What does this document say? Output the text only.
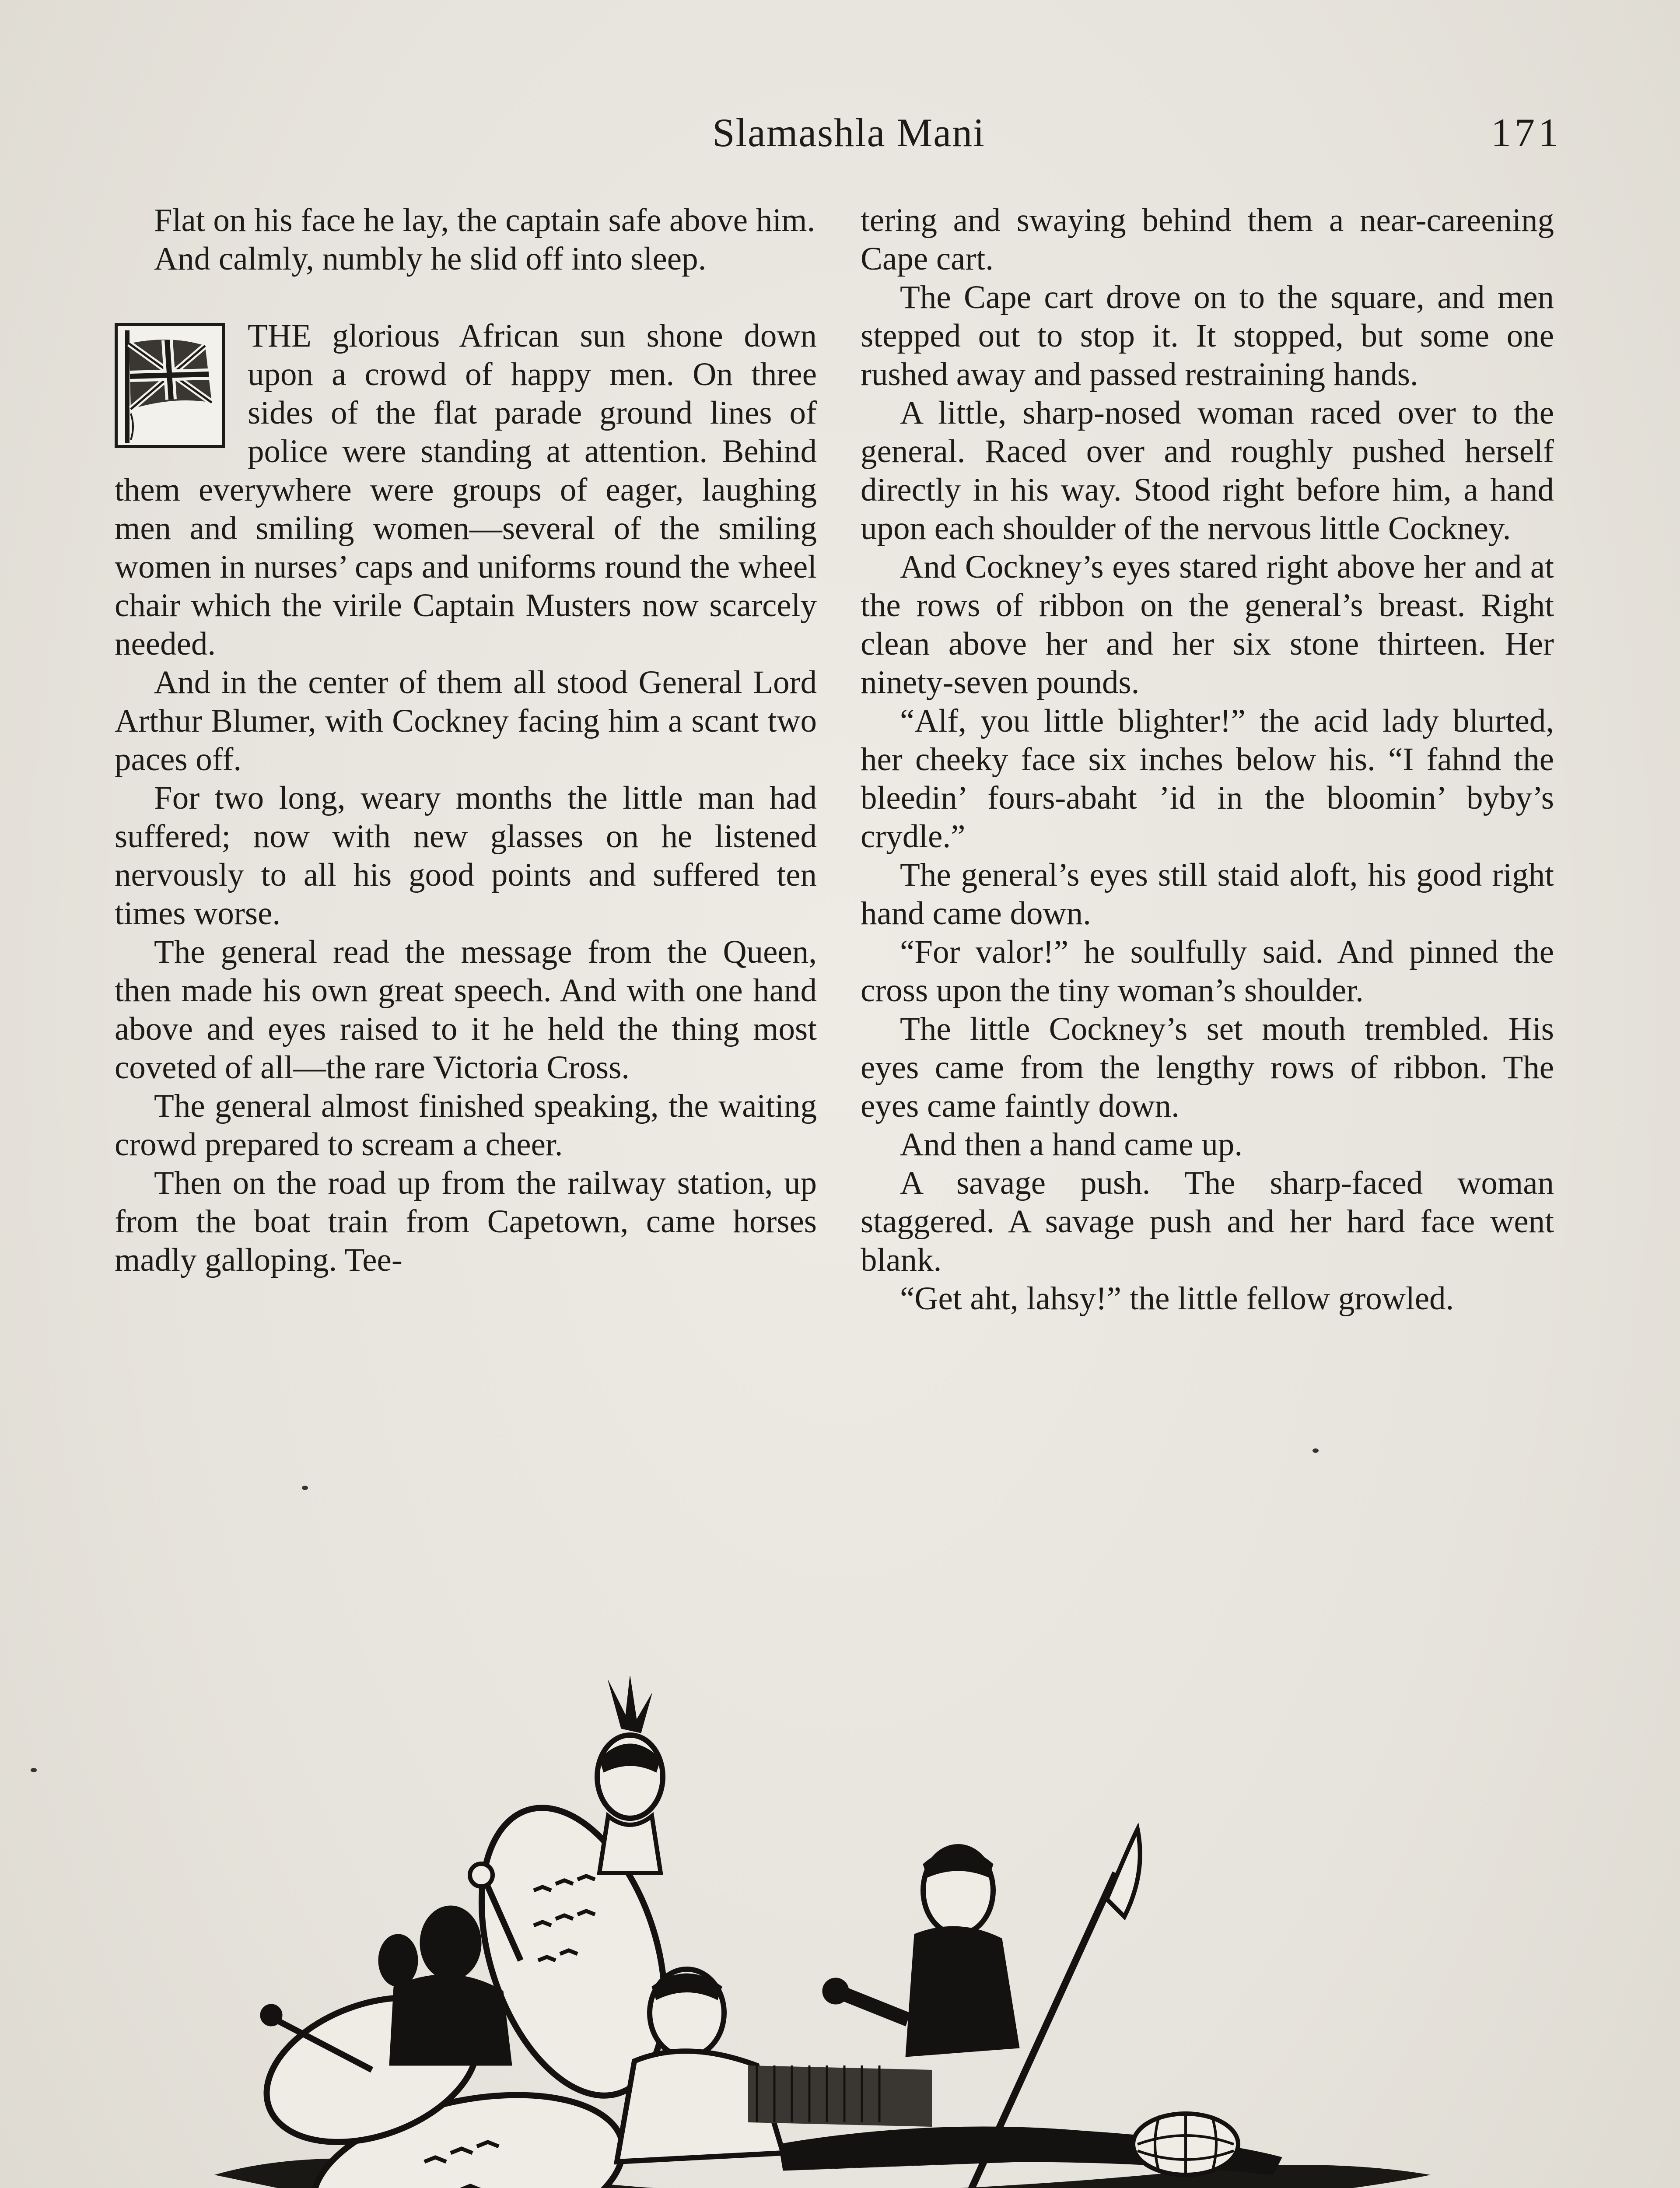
Slamashla Mani	171

Flat on his face he lay, the captain safe above him.

And calmly, numbly he slid off into sleep.

THE glorious African sun shone down upon a crowd of happy men. On three sides of the flat parade ground lines of police were standing at attention. Behind them everywhere were groups of eager, laughing men and smiling women—several of the smiling women in nurses’ caps and uniforms round the wheel chair which the virile Captain Musters now scarcely needed.

And in the center of them all stood General Lord Arthur Blumer, with Cockney facing him a scant two paces off.

For two long, weary months the little man had suffered; now with new glasses on he listened nervously to all his good points and suffered ten times worse.

The general read the message from the Queen, then made his own great speech. And with one hand above and eyes raised to it he held the thing most coveted of all—the rare Victoria Cross.

The general almost finished speaking, the waiting crowd prepared to scream a cheer.

Then on the road up from the railway station, up from the boat train from Capetown, came horses madly galloping. Tee-

tering and swaying behind them a near-careening Cape cart.

The Cape cart drove on to the square, and men stepped out to stop it. It stopped, but some one rushed away and passed restraining hands.

A little, sharp-nosed woman raced over to the general. Raced over and roughly pushed herself directly in his way. Stood right before him, a hand upon each shoulder of the nervous little Cockney.

And Cockney’s eyes stared right above her and at the rows of ribbon on the general’s breast. Right clean above her and her six stone thirteen. Her ninety-seven pounds.

“Alf, you little blighter!” the acid lady blurted, her cheeky face six inches below his. “I fahnd the bleedin’ fours-abaht ’id in the bloomin’ byby’s crydle.”

The general’s eyes still staid aloft, his good right hand came down.

“For valor!” he soulfully said. And pinned the cross upon the tiny woman’s shoulder.

The little Cockney’s set mouth trembled. His eyes came from the lengthy rows of ribbon. The eyes came faintly down.

And then a hand came up.

A savage push. The sharp-faced woman staggered. A savage push and her hard face went blank.

“Get aht, lahsy!” the little fellow growled.
